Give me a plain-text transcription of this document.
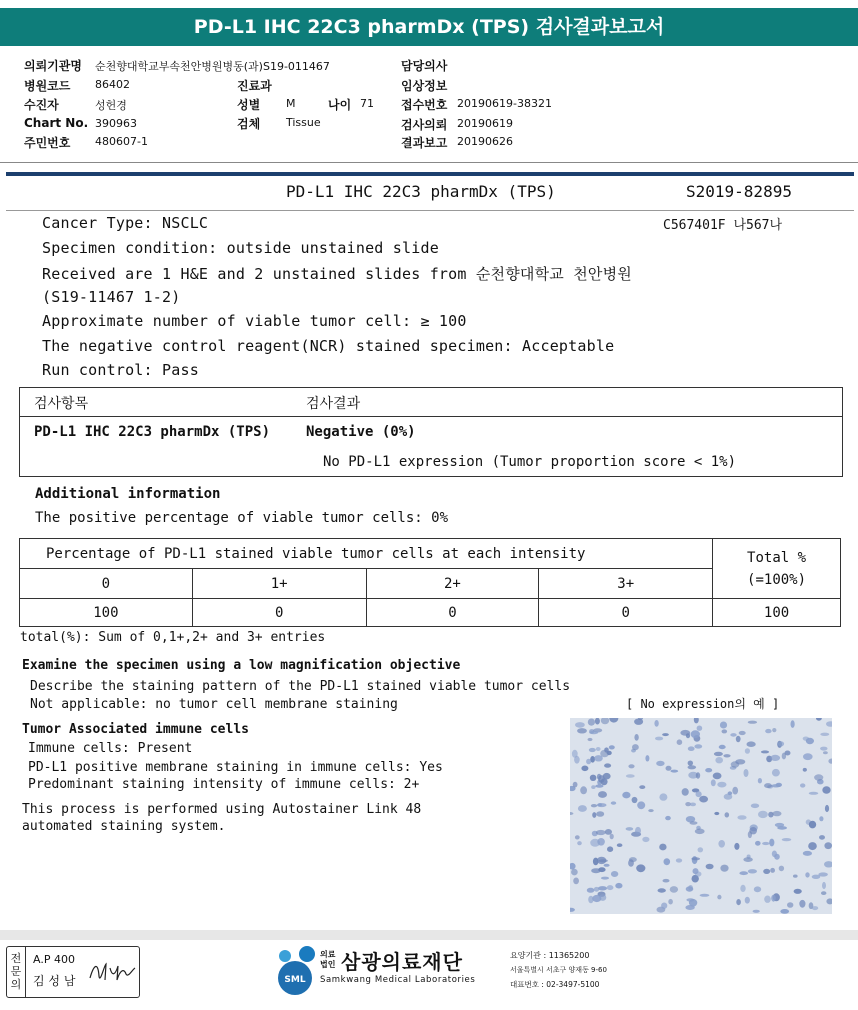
PD-L1 IHC 22C3 pharmDx (TPS) 검사결과보고서
의뢰기관명 순천향대학교부속천안병원병동(과)S19-011467
병원코드 86402
수진자	성헌경
Chart No. 390963
주민번호 480607-1
진료과
성별 M	나이 71
검체 Tissue
담당의사
임상정보
접수번호 20190619-38321
검사의뢰 20190619
결과보고 20190626
PD-L1 IHC 22C3 pharmDx (TPS)	S2019-82895
C567401F 나567나
Cancer Type: NSCLC
Specimen condition: outside unstained slide
Received are 1 H&E and 2 unstained slides from 순천향대학교 천안병원
(S19-11467 1-2)
Approximate number of viable tumor cell: ≥ 100
The negative control reagent(NCR) stained specimen: Acceptable
Run control: Pass
검사항목	검사결과
PD-L1 IHC 22C3 pharmDx (TPS)	Negative (0%)
No PD-L1 expression (Tumor proportion score < 1%)
Additional information
The positive percentage of viable tumor cells: 0%
Percentage of PD-L1 stained viable tumor cells at each intensity				Total %
(=100%)

0	1+	2+	3+	
100	0	0	0	100
total(%): Sum of 0,1+,2+ and 3+ entries
Examine the specimen using a low magnification objective
Describe the staining pattern of the PD-L1 stained viable tumor cells
Not applicable: no tumor cell membrane staining	[ No expression의 예 ]
Tumor Associated immune cells
Immune cells: Present
PD-L1 positive membrane staining in immune cells: Yes
Predominant staining intensity of immune cells: 2+
This process is performed using Autostainer Link 48
automated staining system.
전문의
A.P 400
김 성 남	SML
의료
법인 삼광의료재단
Samkwang Medical Laboratories
요양기관 : 11365200
서울특별시 서초구 양재동 9-60
대표번호 : 02-3497-5100
